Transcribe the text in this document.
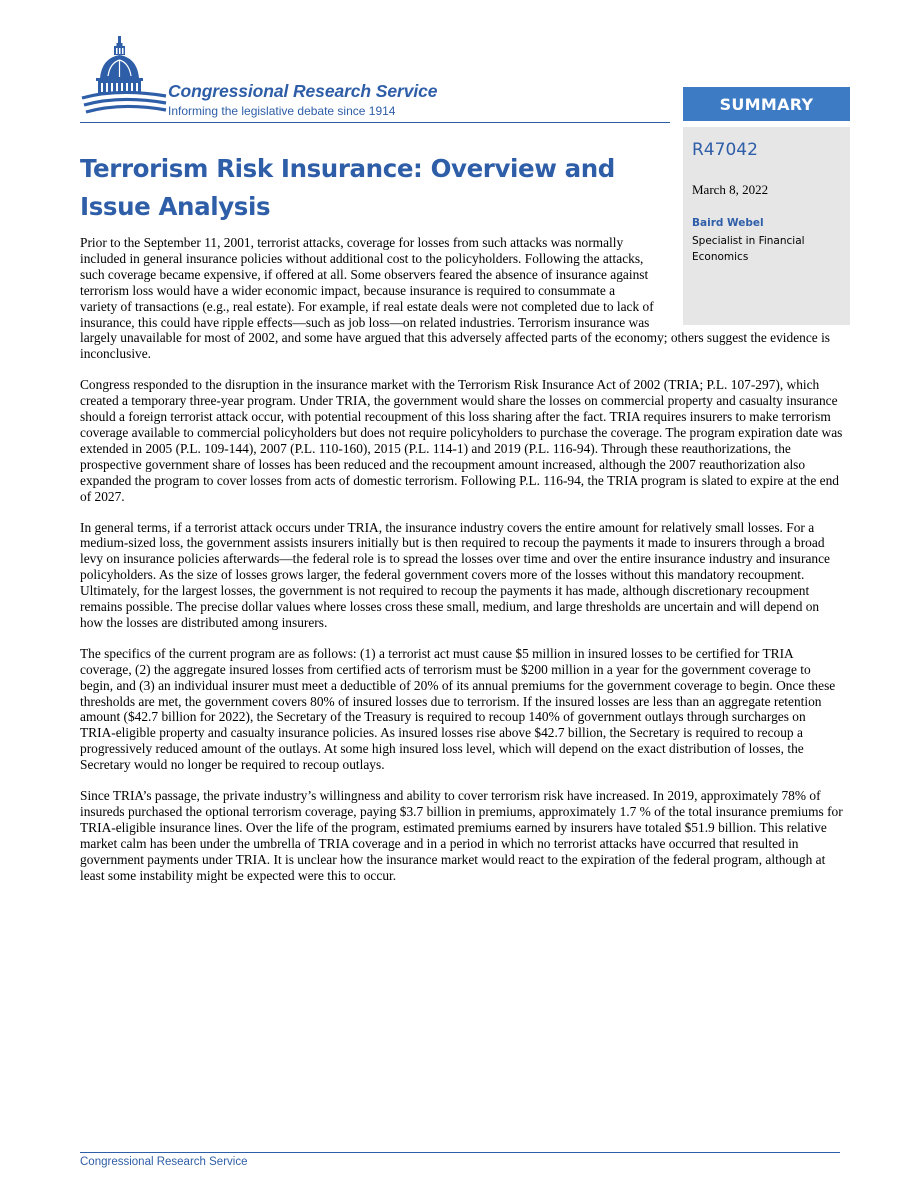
Congressional Research Service

Informing the legislative debate since 1914	SUMMARY

R47042

March 8, 2022

Baird Webel

Specialist in Financial Economics

Terrorism Risk Insurance: Overview and Issue Analysis

Prior to the September 11, 2001, terrorist attacks, coverage for losses from such attacks was normally included in general insurance policies without additional cost to the policyholders. Following the attacks, such coverage became expensive, if offered at all. Some observers feared the absence of insurance against terrorism loss would have a wider economic impact, because insurance is required to consummate a variety of transactions (e.g., real estate). For example, if real estate deals were not completed due to lack of insurance, this could have ripple effects—such as job loss—on related industries. Terrorism insurance was largely unavailable for most of 2002, and some have argued that this adversely affected parts of the economy; others suggest the evidence is inconclusive.

Congress responded to the disruption in the insurance market with the Terrorism Risk Insurance Act of 2002 (TRIA; P.L. 107-297), which created a temporary three-year program. Under TRIA, the government would share the losses on commercial property and casualty insurance should a foreign terrorist attack occur, with potential recoupment of this loss sharing after the fact. TRIA requires insurers to make terrorism coverage available to commercial policyholders but does not require policyholders to purchase the coverage. The program expiration date was extended in 2005 (P.L. 109-144), 2007 (P.L. 110-160), 2015 (P.L. 114-1) and 2019 (P.L. 116-94). Through these reauthorizations, the prospective government share of losses has been reduced and the recoupment amount increased, although the 2007 reauthorization also expanded the program to cover losses from acts of domestic terrorism. Following P.L. 116-94, the TRIA program is slated to expire at the end of 2027.

In general terms, if a terrorist attack occurs under TRIA, the insurance industry covers the entire amount for relatively small losses. For a medium-sized loss, the government assists insurers initially but is then required to recoup the payments it made to insurers through a broad levy on insurance policies afterwards—the federal role is to spread the losses over time and over the entire insurance industry and insurance policyholders. As the size of losses grows larger, the federal government covers more of the losses without this mandatory recoupment. Ultimately, for the largest losses, the government is not required to recoup the payments it has made, although discretionary recoupment remains possible. The precise dollar values where losses cross these small, medium, and large thresholds are uncertain and will depend on how the losses are distributed among insurers.

The specifics of the current program are as follows: (1) a terrorist act must cause $5 million in insured losses to be certified for TRIA coverage, (2) the aggregate insured losses from certified acts of terrorism must be $200 million in a year for the government coverage to begin, and (3) an individual insurer must meet a deductible of 20% of its annual premiums for the government coverage to begin. Once these thresholds are met, the government covers 80% of insured losses due to terrorism. If the insured losses are less than an aggregate retention amount ($42.7 billion for 2022), the Secretary of the Treasury is required to recoup 140% of government outlays through surcharges on TRIA-eligible property and casualty insurance policies. As insured losses rise above $42.7 billion, the Secretary is required to recoup a progressively reduced amount of the outlays. At some high insured loss level, which will depend on the exact distribution of losses, the Secretary would no longer be required to recoup outlays.

Since TRIA’s passage, the private industry’s willingness and ability to cover terrorism risk have increased. In 2019, approximately 78% of insureds purchased the optional terrorism coverage, paying $3.7 billion in premiums, approximately 1.7 % of the total insurance premiums for TRIA-eligible insurance lines. Over the life of the program, estimated premiums earned by insurers have totaled $51.9 billion. This relative market calm has been under the umbrella of TRIA coverage and in a period in which no terrorist attacks have occurred that resulted in government payments under TRIA. It is unclear how the insurance market would react to the expiration of the federal program, although at least some instability might be expected were this to occur.

Congressional Research Service
